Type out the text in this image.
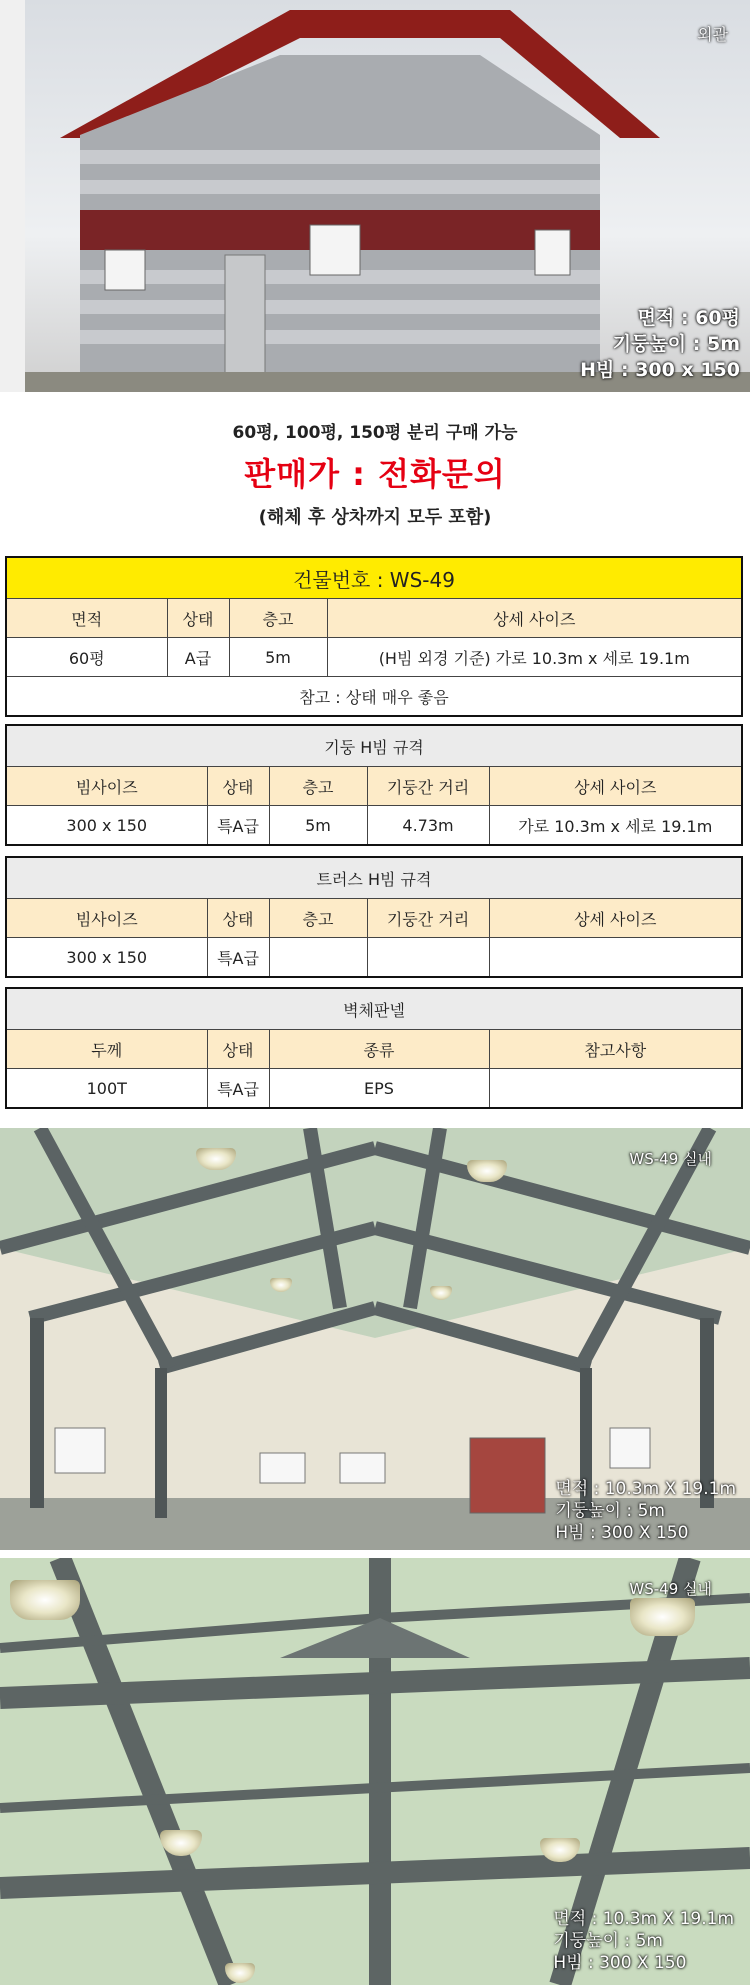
외관
면적 : 60평
기둥높이 : 5m
H빔 : 300 x 150
60평, 100평, 150평 분리 구매 가능
판매가 : 전화문의
(해체 후 상차까지 모두 포함)
건물번호 : WS-49			
면적	상태	층고	상세 사이즈
60평	A급	5m	(H빔 외경 기준) 가로 10.3m x 세로 19.1m
참고 : 상태 매우 좋음			
기둥 H빔 규격				
빔사이즈	상태	층고	기둥간 거리	상세 사이즈
300 x 150	특A급	5m	4.73m	가로 10.3m x 세로 19.1m
트러스 H빔 규격				
빔사이즈	상태	층고	기둥간 거리	상세 사이즈
300 x 150	특A급			
벽체판넬			
두께	상태	종류	참고사항
100T	특A급	EPS	
WS-49 실내
면적 : 10.3m X 19.1m
기둥높이 : 5m
H빔 : 300 X 150
WS-49 실내
면적 : 10.3m X 19.1m
기둥높이 : 5m
H빔 : 300 X 150
